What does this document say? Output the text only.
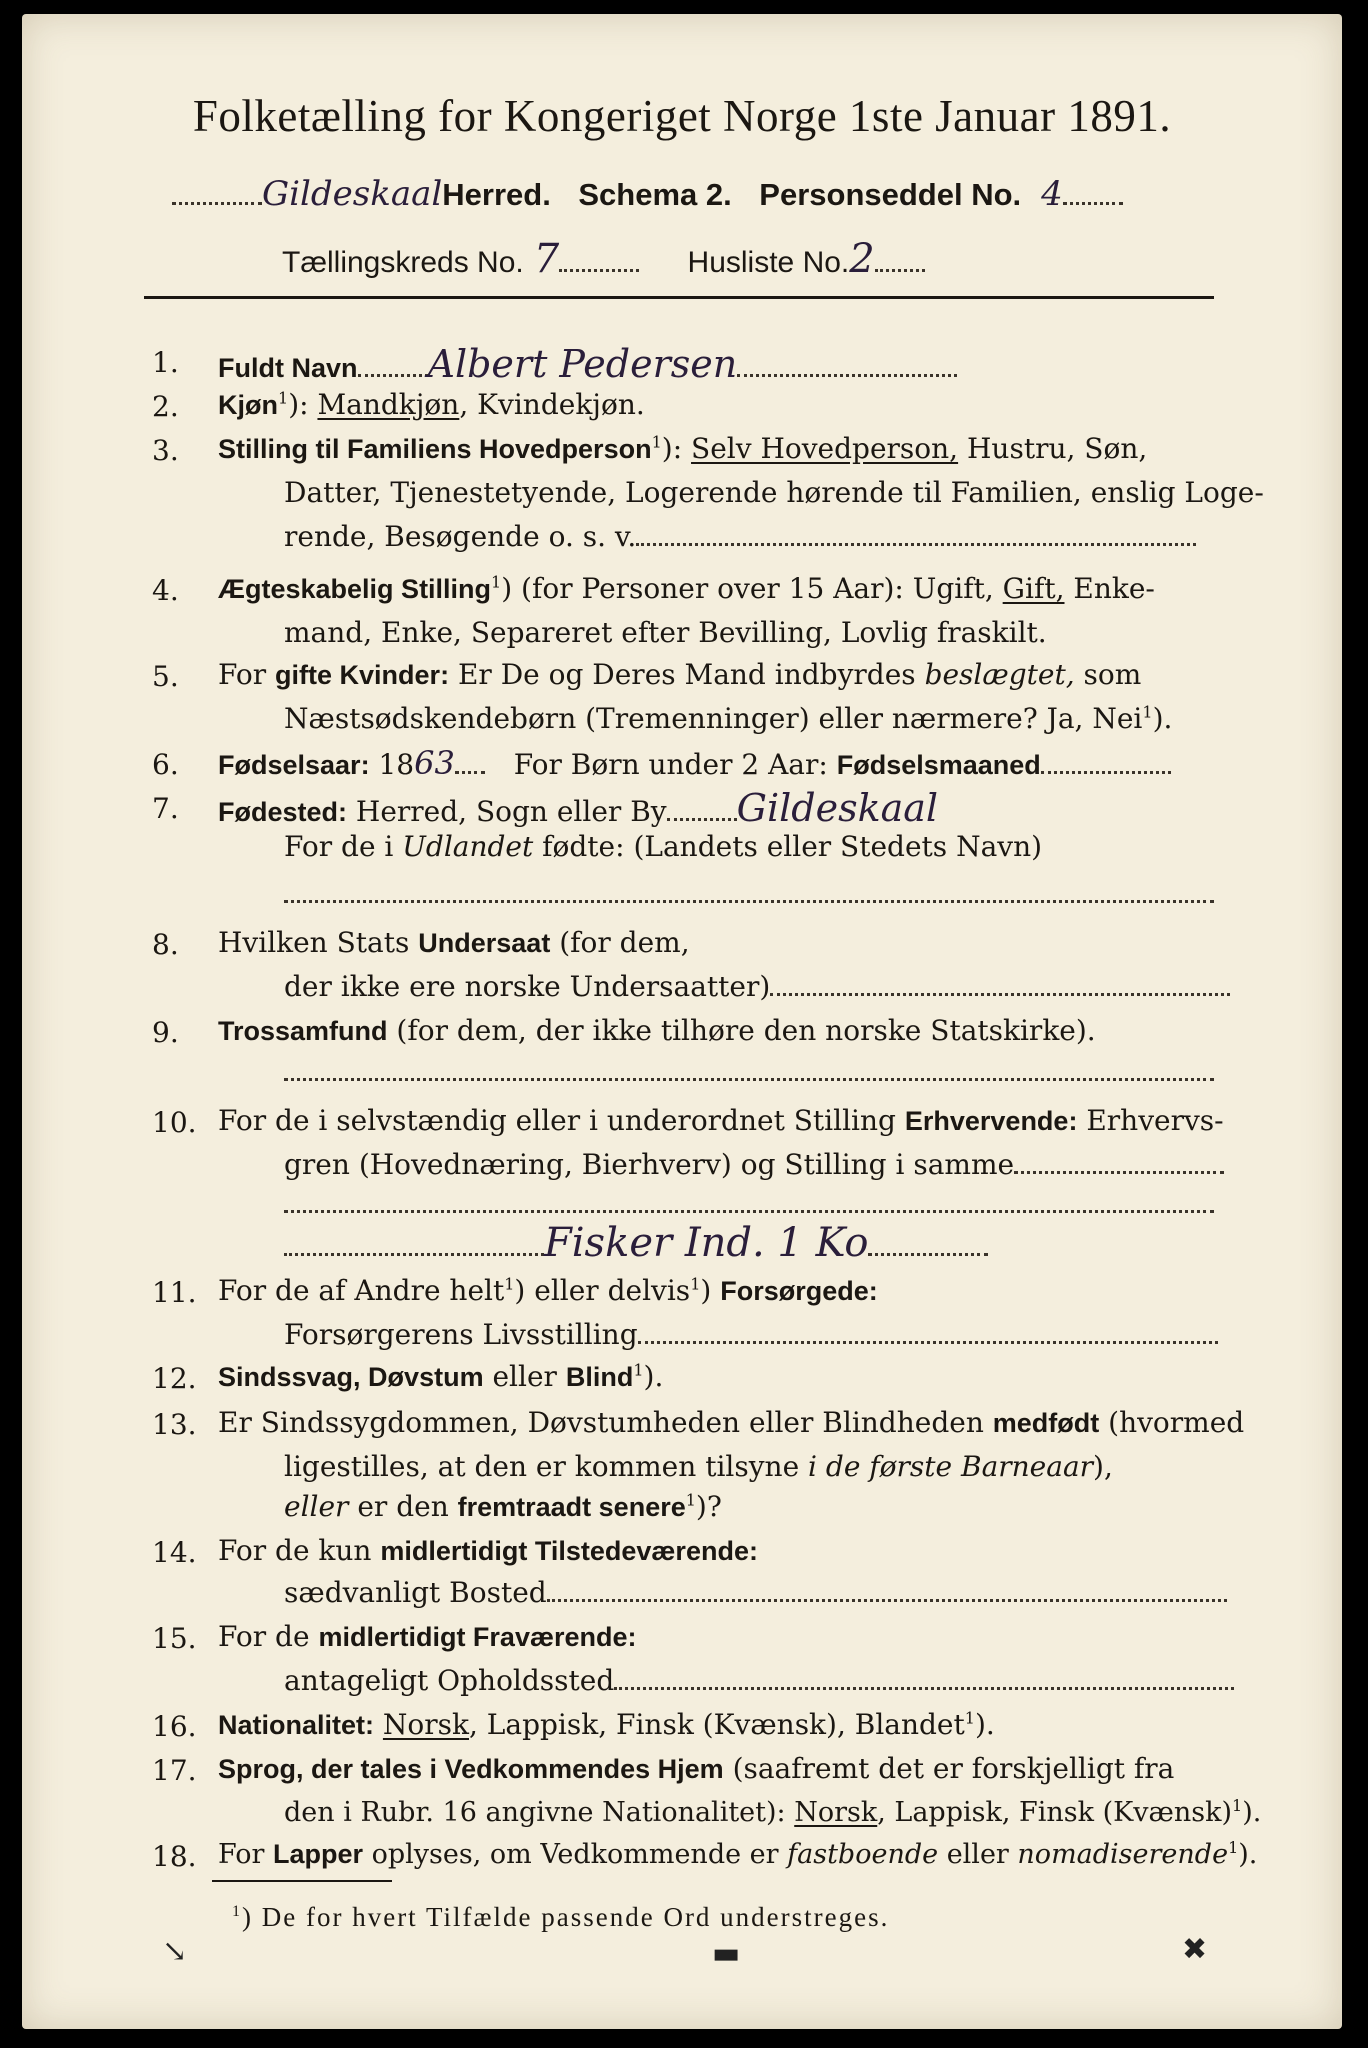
Folketælling for Kongeriget Norge 1ste Januar 1891.
GildeskaalHerred. Schema 2. Personseddel No. 4
Tællingskreds No. 7	Husliste No.2
1. Fuldt Navn Albert Pedersen
2. Kjøn$^1$): Mandkjøn, Kvindekjøn.
3. Stilling til Familiens Hovedperson$^1$): Selv Hovedperson, Hustru, Søn,
Datter, Tjenestetyende, Logerende hørende til Familien, enslig Loge-
rende, Besøgende o. s. v.
4. Ægteskabelig Stilling$^1$) (for Personer over 15 Aar): Ugift, Gift, Enke-
mand, Enke, Separeret efter Bevilling, Lovlig fraskilt.
5. For gifte Kvinder: Er De og Deres Mand indbyrdes beslægtet, som
Næstsødskendebørn (Tremenninger) eller nærmere? Ja, Nei$^1$).
6. Fødselsaar: 1863 For Børn under 2 Aar: Fødselsmaaned
7. Fødested: Herred, Sogn eller By Gildeskaal
For de i Udlandet fødte: (Landets eller Stedets Navn)
8. Hvilken Stats Undersaat (for dem,
der ikke ere norske Undersaatter)
9. Trossamfund (for dem, der ikke tilhøre den norske Statskirke).
10. For de i selvstændig eller i underordnet Stilling Erhvervende: Erhvervs-
gren (Hovednæring, Bierhverv) og Stilling i samme
Fisker Ind. 1 Ko
11. For de af Andre helt$^1$) eller delvis$^1$) Forsørgede:
Forsørgerens Livsstilling
12. Sindssvag, Døvstum eller Blind$^1$).
13. Er Sindssygdommen, Døvstumheden eller Blindheden medfødt (hvormed
ligestilles, at den er kommen tilsyne i de første Barneaar),
eller er den fremtraadt senere$^1$)?
14. For de kun midlertidigt Tilstedeværende:
sædvanligt Bosted
15. For de midlertidigt Fraværende:
antageligt Opholdssted
16. Nationalitet: Norsk, Lappisk, Finsk (Kvænsk), Blandet$^1$).
17. Sprog, der tales i Vedkommendes Hjem (saafremt det er forskjelligt fra
den i Rubr. 16 angivne Nationalitet): Norsk, Lappisk, Finsk (Kvænsk)$^1$).
18. For Lapper oplyses, om Vedkommende er fastboende eller nomadiserende$^1$).
$^1$) De for hvert Tilfælde passende Ord understreges.
↘	▬	✖
